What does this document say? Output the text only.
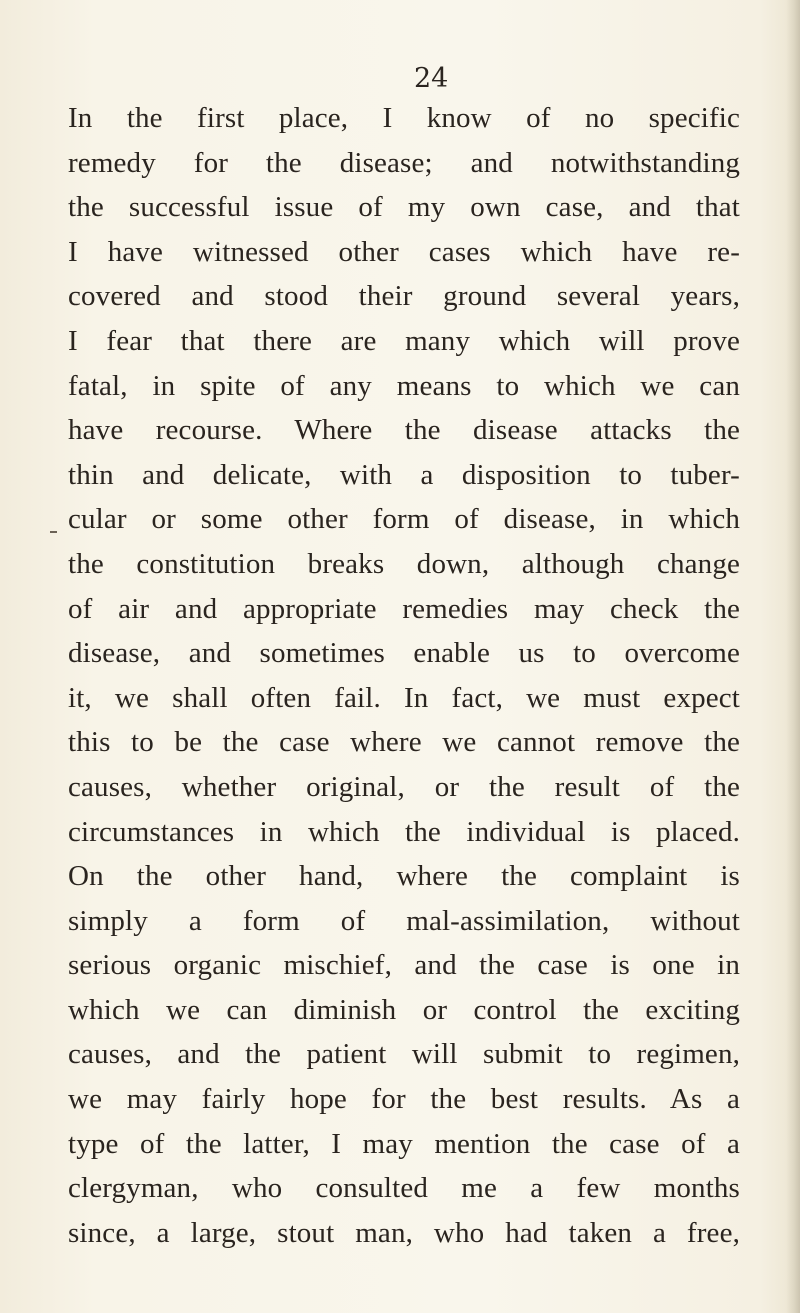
24
In the first place, I know of no specific
remedy for the disease; and notwithstanding
the successful issue of my own case, and that
I have witnessed other cases which have re-
covered and stood their ground several years,
I fear that there are many which will prove
fatal, in spite of any means to which we can
have recourse. Where the disease attacks the
thin and delicate, with a disposition to tuber-
cular or some other form of disease, in which
the constitution breaks down, although change
of air and appropriate remedies may check the
disease, and sometimes enable us to overcome
it, we shall often fail. In fact, we must expect
this to be the case where we cannot remove the
causes, whether original, or the result of the
circumstances in which the individual is placed.
On the other hand, where the complaint is
simply a form of mal-assimilation, without
serious organic mischief, and the case is one in
which we can diminish or control the exciting
causes, and the patient will submit to regimen,
we may fairly hope for the best results. As a
type of the latter, I may mention the case of a
clergyman, who consulted me a few months
since, a large, stout man, who had taken a free,
